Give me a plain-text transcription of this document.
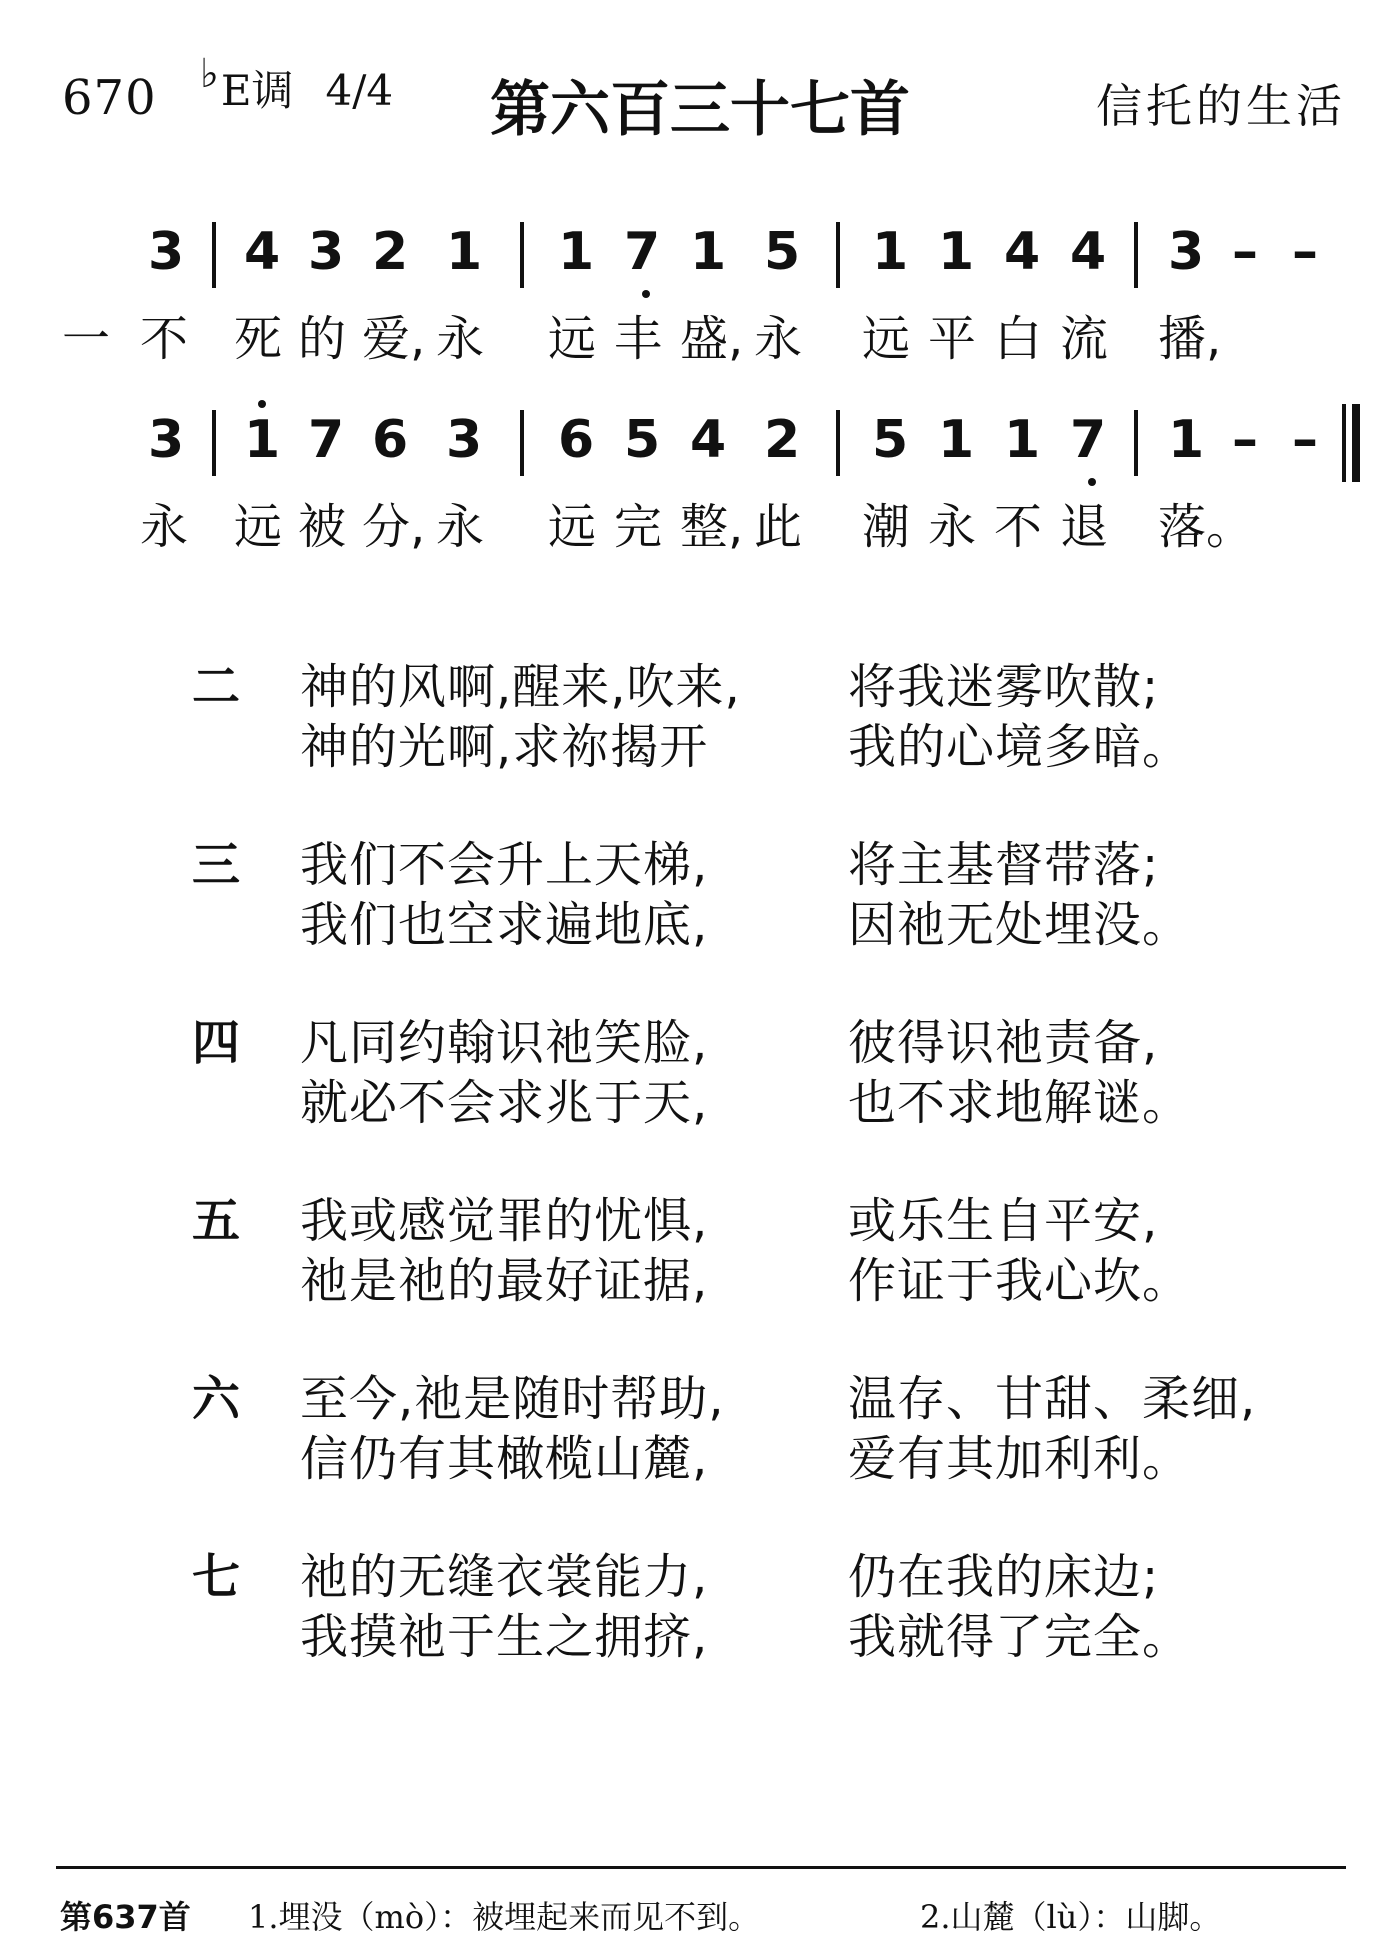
670 ♭E调 4/4	第六百三十七首	信托的生活
3 4 3 2 1 1 7 1 5 1 1 4 4 3 – –
一 不 死 的 爱, 永 远 丰 盛, 永 远 平 白 流 播,
3 1 7 6 3 6 5 4 2 5 1 1 7 1 – –
永 远 被 分, 永 远 完 整, 此 潮 永 不 退 落。
二 神的风啊,醒来,吹来, 将我迷雾吹散;
神的光啊,求祢揭开	我的心境多暗。
三 我们不会升上天梯,	将主基督带落;
我们也空求遍地底,	因祂无处埋没。
四 凡同约翰识祂笑脸,	彼得识祂责备,
就必不会求兆于天,	也不求地解谜。
五 我或感觉罪的忧惧,	或乐生自平安,
祂是祂的最好证据,	作证于我心坎。
六 至今,祂是随时帮助,	温存、甘甜、柔细,
信仍有其橄榄山麓,	爱有其加利利。
七 祂的无缝衣裳能力,	仍在我的床边;
我摸祂于生之拥挤,	我就得了完全。
第637首 1.埋没（mò）：被埋起来而见不到。	2.山麓（lù）：山脚。
